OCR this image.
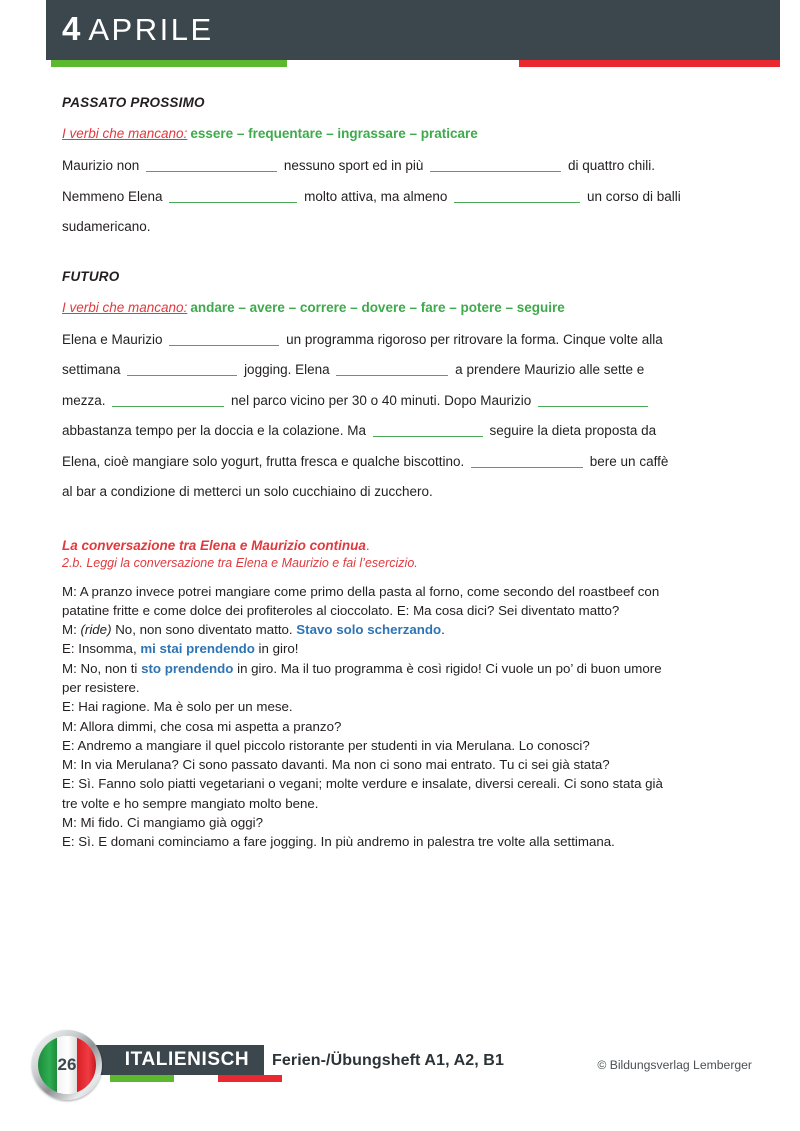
4 APRILE
PASSATO PROSSIMO
I verbi che mancano: essere – frequentare – ingrassare – praticare

Maurizio non	nessuno sport ed in più	di quattro chili. Nemmeno Elena	molto attiva, ma almeno	un corso di balli sudamericano.

FUTURO
I verbi che mancano: andare – avere – correre – dovere – fare – potere – seguire

Elena e Maurizio	un programma rigoroso per ritrovare la forma. Cinque volte alla settimana	jogging. Elena	a prendere Maurizio alle sette e mezza.	nel parco vicino per 30 o 40 minuti. Dopo Maurizio  abbastanza tempo per la doccia e la colazione. Ma	seguire la dieta proposta da Elena, cioè mangiare solo yogurt, frutta fresca e qualche biscottino.	bere un caffè al bar a condizione di metterci un solo cucchiaino di zucchero.

La conversazione tra Elena e Maurizio continua.
2.b. Leggi la conversazione tra Elena e Maurizio e fai l’esercizio.

M: A pranzo invece potrei mangiare come primo della pasta al forno, come secondo del roastbeef con patatine fritte e come dolce dei profiteroles al cioccolato. E: Ma cosa dici? Sei diventato matto?

M: (ride) No, non sono diventato matto. Stavo solo scherzando.

E: Insomma, mi stai prendendo in giro!

M: No, non ti sto prendendo in giro. Ma il tuo programma è così rigido! Ci vuole un po’ di buon umore per resistere.

E: Hai ragione. Ma è solo per un mese.

M: Allora dimmi, che cosa mi aspetta a pranzo?

E: Andremo a mangiare il quel piccolo ristorante per studenti in via Merulana. Lo conosci?

M: In via Merulana? Ci sono passato davanti. Ma non ci sono mai entrato. Tu ci sei già stata?

E: Sì. Fanno solo piatti vegetariani o vegani; molte verdure e insalate, diversi cereali. Ci sono stata già tre volte e ho sempre mangiato molto bene.

M: Mi fido. Ci mangiamo già oggi?

E: Sì. E domani cominciamo a fare jogging. In più andremo in palestra tre volte alla settimana.

26	ITALIENISCH	Ferien-/Übungsheft A1, A2, B1	© Bildungsverlag Lemberger
